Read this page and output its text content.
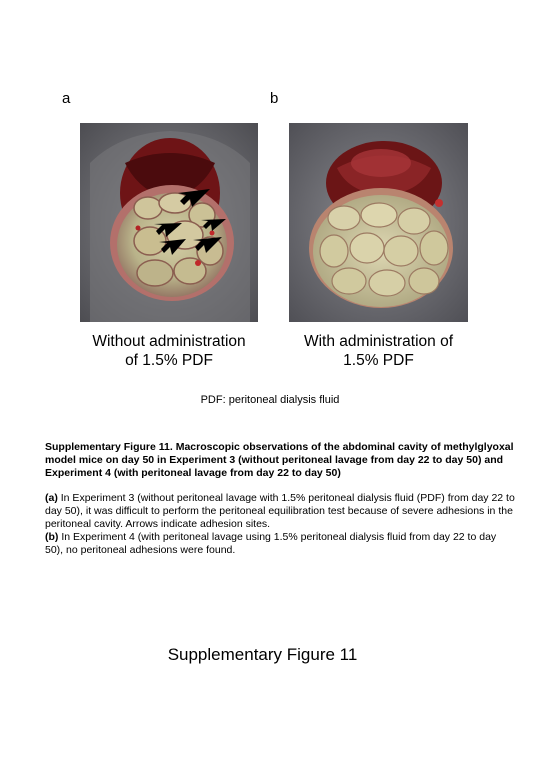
a	b
Without administration
of 1.5% PDF
With administration of
1.5% PDF
PDF: peritoneal dialysis fluid

Supplementary Figure 11. Macroscopic observations of the abdominal cavity of methylglyoxal model mice on day 50 in Experiment 3 (without peritoneal lavage from day 22 to day 50) and Experiment 4 (with peritoneal lavage from day 22 to day 50)

(a) In Experiment 3 (without peritoneal lavage with 1.5% peritoneal dialysis fluid (PDF) from day 22 to day 50), it was difficult to perform the peritoneal equilibration test because of severe adhesions in the peritoneal cavity. Arrows indicate adhesion sites.

(b) In Experiment 4 (with peritoneal lavage using 1.5% peritoneal dialysis fluid from day 22 to day 50), no peritoneal adhesions were found.

Supplementary Figure 11
